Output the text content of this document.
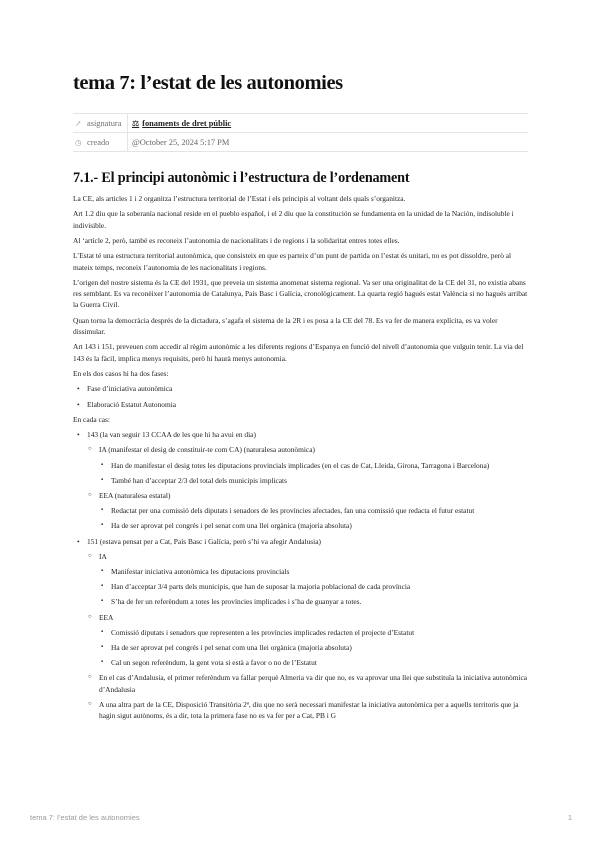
tema 7: l’estat de les autonomies
↗ asignatura ⚖ fonaments de dret públic
◷ creado	@October 25, 2024 5:17 PM
7.1.- El principi autonòmic i l’estructura de l’ordenament

La CE, als articles 1 i 2 organitza l’estructura territorial de l’Estat i els principis al voltant dels quals s’organitza.

Art 1.2 diu que la soberanía nacional reside en el pueblo español, i el 2 diu que la constitución se fundamenta en la unidad de la Nación, indisoluble i indivisible.

Al ‘artícle 2, però, també es reconeix l’autonomia de nacionalitats i de regions i la solidaritat entres totes elles.

L’Estat té una estructura territorial autonòmica, que consisteix en que es parteix d’un punt de partida on l’estat és unitari, no es pot dissoldre, però al mateix temps, reconeix l’autonomia de les nacionalitats i regions.

L’origen del nostre sistema és la CE del 1931, que preveia un sistema anomenat sistema regional. Va ser una originalitat de la CE del 31, no existia abans res semblant. Es va reconèixer l’autonomia de Catalunya, País Basc i Galícia, cronològicament. La quarta regió hagués estat València si no hagués arribat la Guerra Civil.

Quan torna la democràcia després de la dictadura, s’agafa el sistema de la 2R i es posa a la CE del 78. Es va fer de manera explícita, es va voler dissimular.

Art 143 i 151, preveuen com accedir al règim autonòmic a les diferents regions d’Espanya en funció del nivell d’autonomia que vulguin tenir. La via del 143 és la fàcil, implica menys requisits, però hi haurà menys autonomia.

En els dos casos hi ha dos fases:

• Fase d’iniciativa autonòmica
• Elaboració Estatut Autonomia

En cada cas:

• 143 (la van seguir 13 CCAA de les que hi ha avui en dia)
○ IA (manifestar el desig de constituir-te com CA) (naturalesa autonòmica)
▪ Han de manifestar el desig totes les diputacions provincials implicades (en el cas de Cat, Lleida, Girona, Tarragona i Barcelona)
▪ També han d’acceptar 2/3 del total dels municipis implicats
○ EEA (naturalesa estatal)
▪ Redactat per una comissió dels diputats i senadors de les províncies afectades, fan una comissió que redacta el futur estatut
▪ Ha de ser aprovat pel congrés i pel senat com una llei orgànica (majoria absoluta)
• 151 (estava pensat per a Cat, País Basc i Galícia, però s’hi va afegir Andalusia)
○ IA
▪ Manifestar iniciativa autonòmica les diputacions provincials
▪ Han d’acceptar 3/4 parts dels municipis, que han de suposar la majoria poblacional de cada província
▪ S’ha de fer un referèndum a totes les províncies implicades i s’ha de guanyar a totes.
○ EEA
▪ Comissió diputats i senadors que representen a les províncies implicades redacten el projecte d’Estatut
▪ Ha de ser aprovat pel congrés i pel senat com una llei orgànica (majoria absoluta)
▪ Cal un segon referèndum, la gent vota si està a favor o no de l’Estatut
○ En el cas d’Andalusia, el primer referèndum va fallar perquè Almeria va dir que no, es va aprovar una llei que substituïa la iniciativa autonòmica d’Andalusia
○ A una altra part de la CE, Disposició Transitòria 2ª, diu que no serà necessari manifestar la iniciativa autonòmica per a aquells territoris que ja hagin sigut autònoms, és a dir, tota la primera fase no es va fer per a Cat, PB i G
tema 7: l’estat de les autonomies	1
